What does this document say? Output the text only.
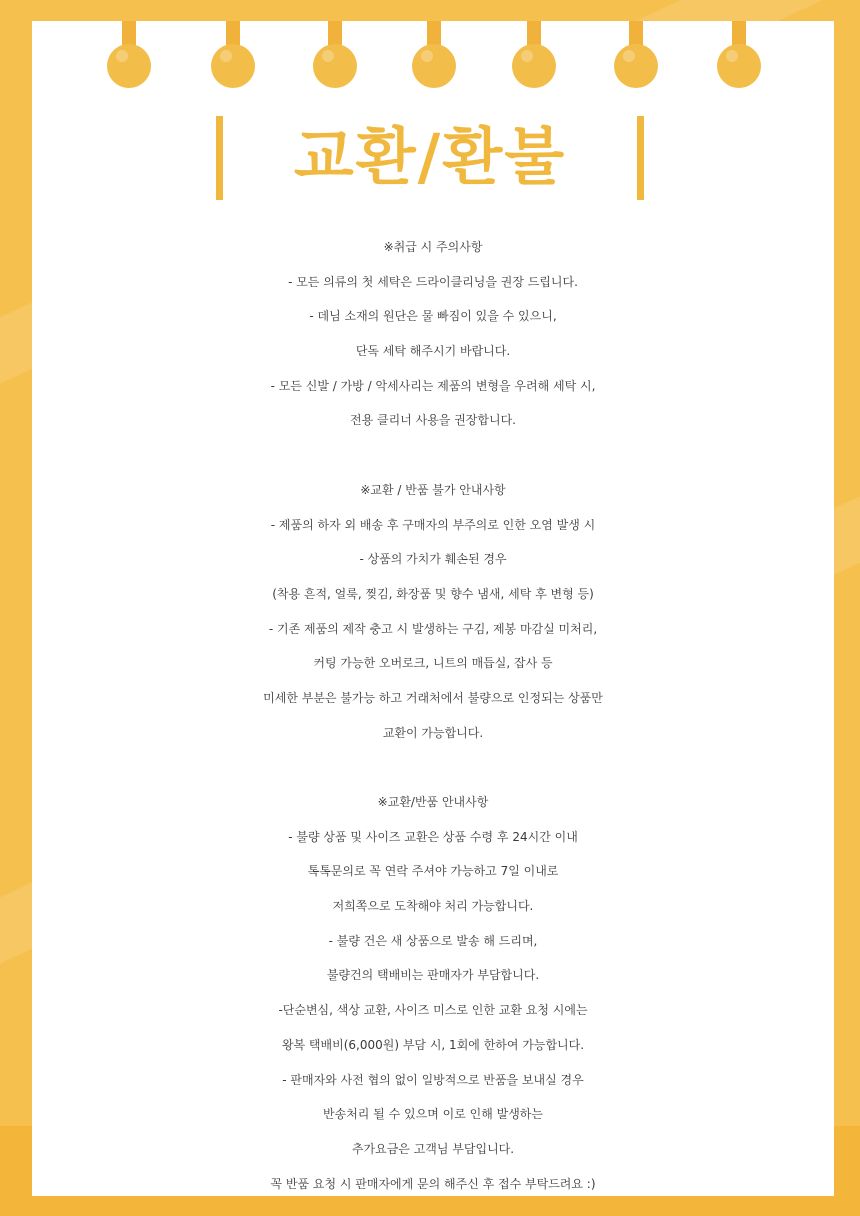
교환/환불
※취급 시 주의사항
- 모든 의류의 첫 세탁은 드라이클리닝을 권장 드립니다.
- 데님 소재의 원단은 물 빠짐이 있을 수 있으니,
단독 세탁 해주시기 바랍니다.
- 모든 신발 / 가방 / 악세사리는 제품의 변형을 우려해 세탁 시,
전용 클리너 사용을 권장합니다.
※교환 / 반품 불가 안내사항
- 제품의 하자 외 배송 후 구매자의 부주의로 인한 오염 발생 시
- 상품의 가치가 훼손된 경우
(착용 흔적, 얼룩, 찢김, 화장품 및 향수 냄새, 세탁 후 변형 등)
- 기존 제품의 제작 충고 시 발생하는 구김, 제봉 마감실 미처리,
커팅 가능한 오버로크, 니트의 매듭실, 잡사 등
미세한 부분은 불가능 하고 거래처에서 불량으로 인정되는 상품만
교환이 가능합니다.
※교환/반품 안내사항
- 불량 상품 및 사이즈 교환은 상품 수령 후 24시간 이내
톡톡문의로 꼭 연락 주셔야 가능하고 7일 이내로
저희쪽으로 도착해야 처리 가능합니다.
- 불량 건은 새 상품으로 발송 해 드리며,
불량건의 택배비는 판매자가 부담합니다.
-단순변심, 색상 교환, 사이즈 미스로 인한 교환 요청 시에는
왕복 택배비(6,000원) 부담 시, 1회에 한하여 가능합니다.
- 판매자와 사전 협의 없이 일방적으로 반품을 보내실 경우
반송처리 될 수 있으며 이로 인해 발생하는
추가요금은 고객님 부담입니다.
꼭 반품 요청 시 판매자에게 문의 해주신 후 접수 부탁드려요 :)
